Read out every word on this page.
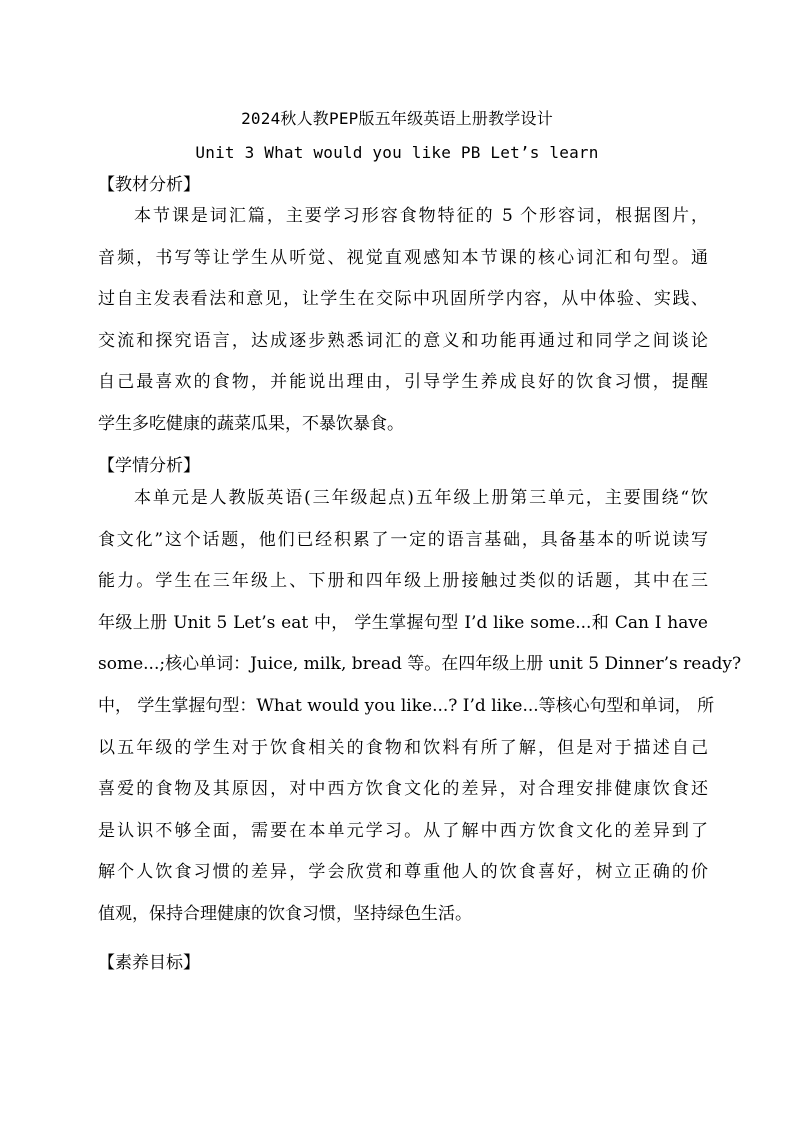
2024秋人教PEP版五年级英语上册教学设计
Unit 3 What would you like PB Let’s learn
【教材分析】
本节课是词汇篇，主要学习形容食物特征的 5 个形容词，根据图片，
音频，书写等让学生从听觉、视觉直观感知本节课的核心词汇和句型。通
过自主发表看法和意见，让学生在交际中巩固所学内容，从中体验、实践、
交流和探究语言，达成逐步熟悉词汇的意义和功能再通过和同学之间谈论
自己最喜欢的食物，并能说出理由，引导学生养成良好的饮食习惯，提醒
学生多吃健康的蔬菜瓜果，不暴饮暴食。
【学情分析】
本单元是人教版英语(三年级起点)五年级上册第三单元，主要围绕“饮
食文化”这个话题，他们已经积累了一定的语言基础，具备基本的听说读写
能力。学生在三年级上、下册和四年级上册接触过类似的话题，其中在三
年级上册 Unit 5 Let’s eat 中， 学生掌握句型 I’d like some...和 Can I have
some...;核心单词：Juice, milk, bread 等。在四年级上册 unit 5 Dinner’s ready?
中， 学生掌握句型：What would you like...? I’d like...等核心句型和单词， 所
以五年级的学生对于饮食相关的食物和饮料有所了解，但是对于描述自己
喜爱的食物及其原因，对中西方饮食文化的差异，对合理安排健康饮食还
是认识不够全面，需要在本单元学习。从了解中西方饮食文化的差异到了
解个人饮食习惯的差异，学会欣赏和尊重他人的饮食喜好，树立正确的价
值观，保持合理健康的饮食习惯，坚持绿色生活。
【素养目标】
